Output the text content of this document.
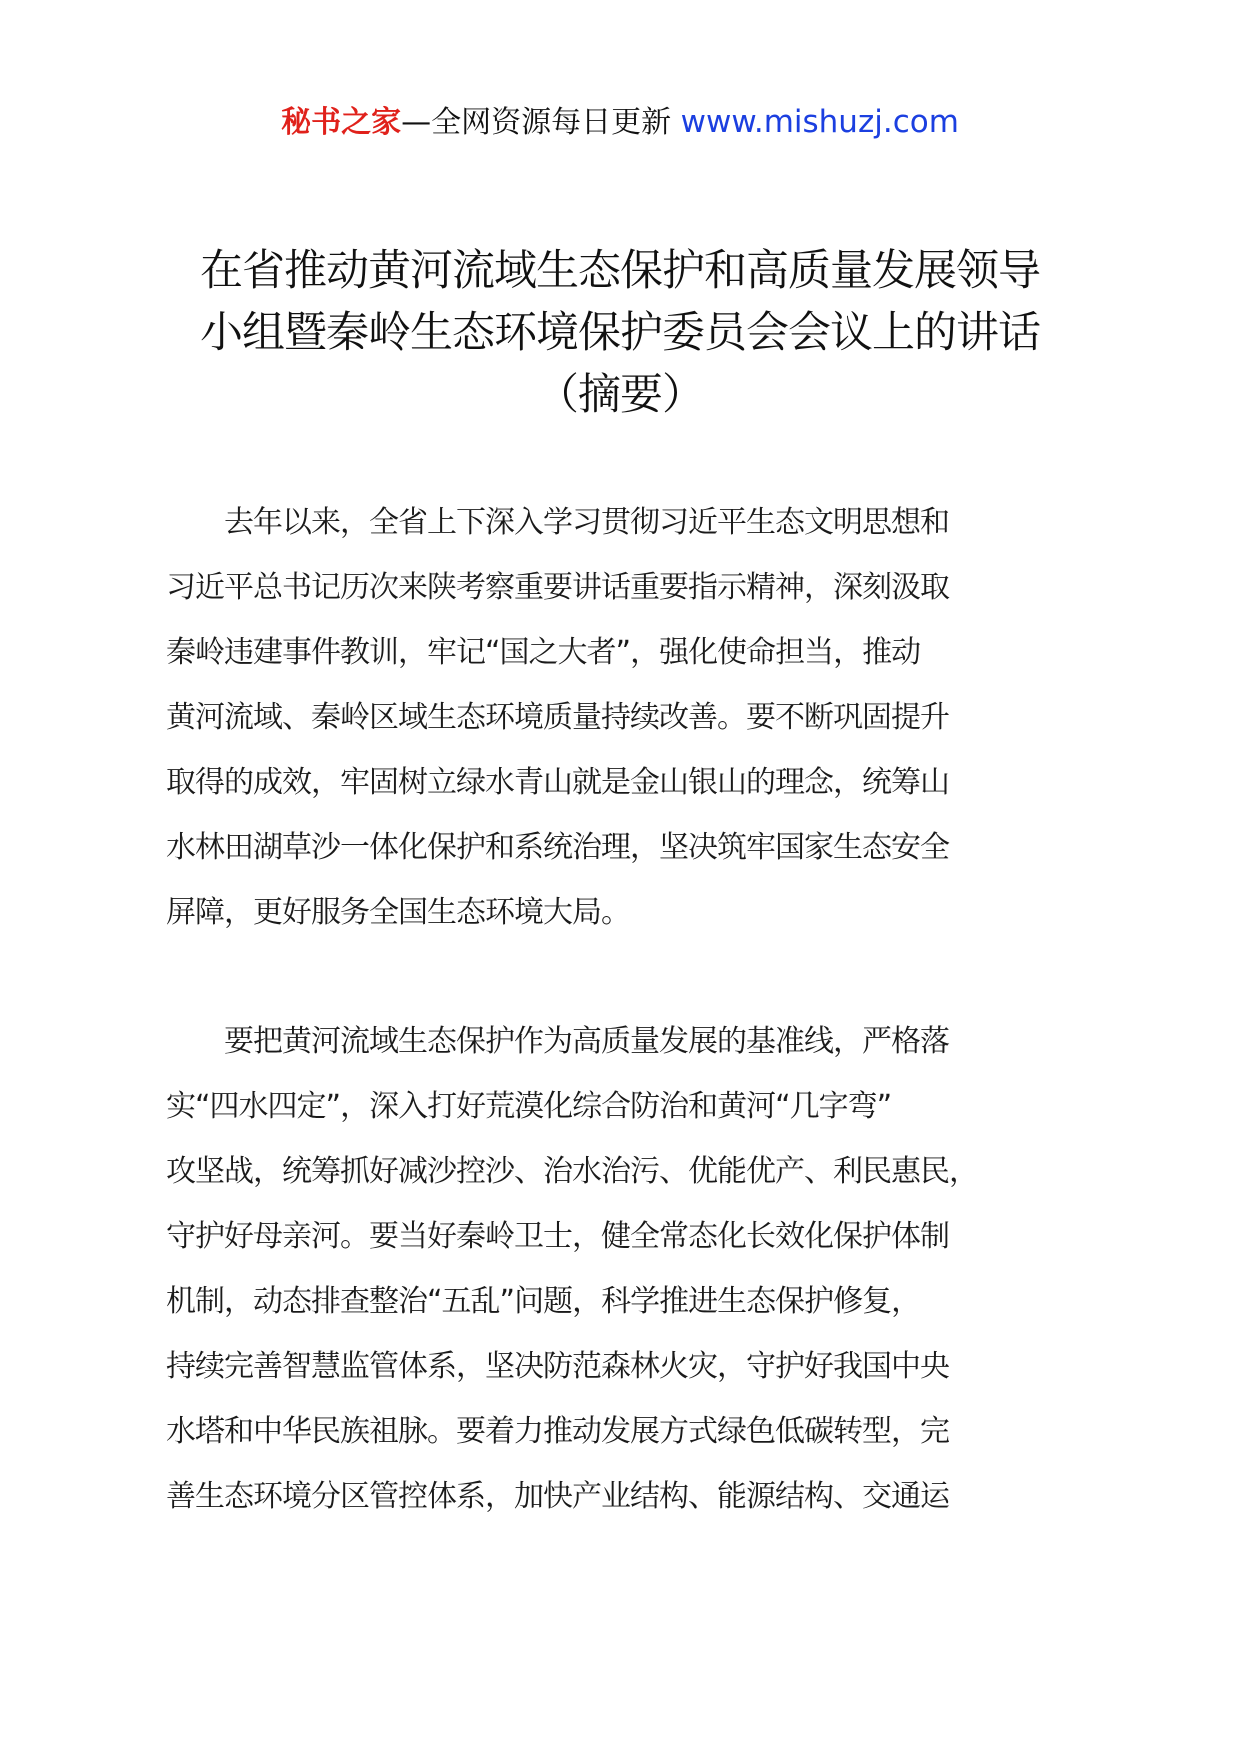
秘书之家—全网资源每日更新 www.mishuzj.com
在省推动黄河流域生态保护和高质量发展领导
小组暨秦岭生态环境保护委员会会议上的讲话
（摘要）

　　去年以来，全省上下深入学习贯彻习近平生态文明思想和
习近平总书记历次来陕考察重要讲话重要指示精神，深刻汲取
秦岭违建事件教训，牢记“国之大者”，强化使命担当，推动
黄河流域、秦岭区域生态环境质量持续改善。要不断巩固提升
取得的成效，牢固树立绿水青山就是金山银山的理念，统筹山
水林田湖草沙一体化保护和系统治理，坚决筑牢国家生态安全
屏障，更好服务全国生态环境大局。

　　要把黄河流域生态保护作为高质量发展的基准线，严格落
实“四水四定”，深入打好荒漠化综合防治和黄河“几字弯”
攻坚战，统筹抓好减沙控沙、治水治污、优能优产、利民惠民，
守护好母亲河。要当好秦岭卫士，健全常态化长效化保护体制
机制，动态排查整治“五乱”问题，科学推进生态保护修复，
持续完善智慧监管体系，坚决防范森林火灾，守护好我国中央
水塔和中华民族祖脉。要着力推动发展方式绿色低碳转型，完
善生态环境分区管控体系，加快产业结构、能源结构、交通运
